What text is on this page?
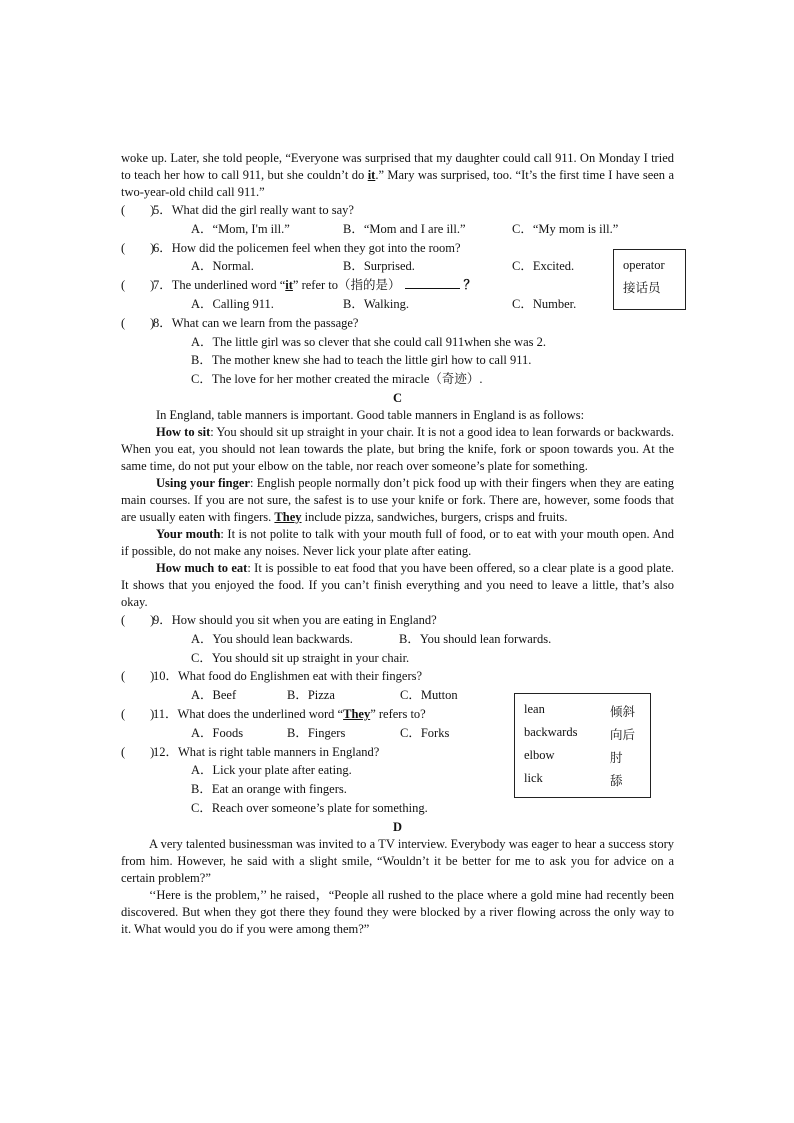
woke up. Later, she told people, “Everyone was surprised that my daughter could call 911. On Monday I tried to teach her how to call 911, but she couldn’t do it.” Mary was surprised, too. “It’s the first time I have seen a two-year-old child call 911.”

(　　)
5．What did the girl really want to say?
A．“Mom, I'm ill.”	B．“Mom and I are ill.”	C．“My mom is ill.”
(　　)
6．How did the policemen feel when they got into the room?
A．Normal.	B．Surprised.	C．Excited.
(　　)
7．The underlined word “it” refer to（指的是）	？
A．Calling 911.	B．Walking.	C．Number.
(　　)
8．What can we learn from the passage?
A．The little girl was so clever that she could call 911when she was 2.
B．The mother knew she had to teach the little girl how to call 911.
C．The love for her mother created the miracle（奇迹）.
C

In England, table manners is important. Good table manners in England is as follows:

How to sit: You should sit up straight in your chair. It is not a good idea to lean forwards or backwards. When you eat, you should not lean towards the plate, but bring the knife, fork or spoon towards you. At the same time, do not put your elbow on the table, nor reach over someone’s plate for something.

Using your finger: English people normally don’t pick food up with their fingers when they are eating main courses. If you are not sure, the safest is to use your knife or fork. There are, however, some foods that are usually eaten with fingers. They include pizza, sandwiches, burgers, crisps and fruits.

Your mouth: It is not polite to talk with your mouth full of food, or to eat with your mouth open. And if possible, do not make any noises. Never lick your plate after eating.

How much to eat: It is possible to eat food that you have been offered, so a clear plate is a good plate. It shows that you enjoyed the food. If you can’t finish everything and you need to leave a little, that’s also okay.

(　　)
9．How should you sit when you are eating in England?
A．You should lean backwards.	B．You should lean forwards.
C．You should sit up straight in your chair.
(　　)
10．What food do Englishmen eat with their fingers?
A．Beef	B．Pizza	C．Mutton
(　　)
11．What does the underlined word “They” refers to?
A．Foods	B．Fingers	C．Forks
(　　)
12．What is right table manners in England?
A．Lick your plate after eating.
B．Eat an orange with fingers.
C．Reach over someone’s plate for something.
D

A very talented businessman was invited to a TV interview. Everybody was eager to hear a success story from him. However, he said with a slight smile, “Wouldn’t it be better for me to ask you for advice on a certain problem?”

‘‘Here is the problem,’’ he raised，“People all rushed to the place where a gold mine had recently been discovered. But when they got there they found they were blocked by a river flowing across the only way to it. What would you do if you were among them?”

operator
接话员
lean	倾斜
backwards	向后
elbow	肘
lick	舔
